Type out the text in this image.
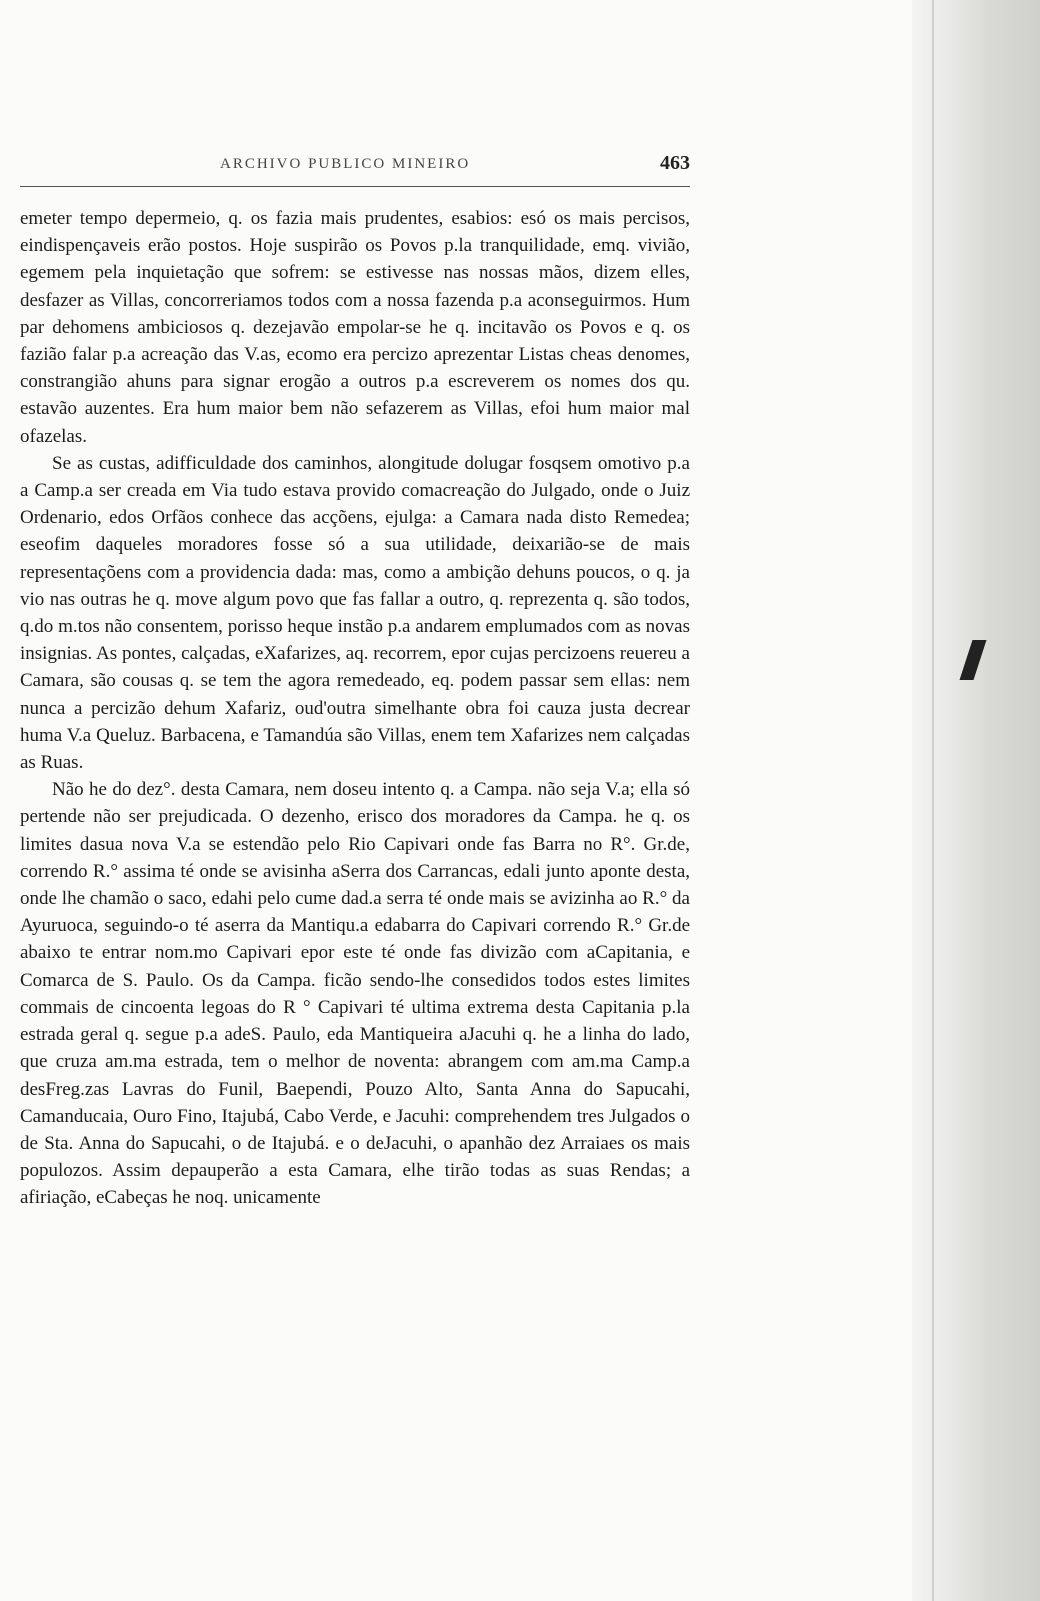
ARCHIVO PUBLICO MINEIRO	463

emeter tempo depermeio, q. os fazia mais prudentes, esabios: esó os mais percisos, eindispençaveis erão postos. Hoje suspirão os Povos p.la tranquilidade, emq. vivião, egemem pela inquietação que sofrem: se estivesse nas nossas mãos, dizem elles, desfazer as Villas, concorreriamos todos com a nossa fazenda p.a aconseguirmos. Hum par dehomens ambiciosos q. dezejavão empolar-se he q. incitavão os Povos e q. os fazião falar p.a acreação das V.as, ecomo era percizo aprezentar Listas cheas denomes, constrangião ahuns para signar erogão a outros p.a escreverem os nomes dos qu. estavão auzentes. Era hum maior bem não sefazerem as Villas, efoi hum maior mal ofazelas.

Se as custas, adifficuldade dos caminhos, alongitude dolugar fosqsem omotivo p.a a Camp.a ser creada em Via tudo estava provido comacreação do Julgado, onde o Juiz Ordenario, edos Orfãos conhece das acçõens, ejulga: a Camara nada disto Remedea; eseofim daqueles moradores fosse só a sua utilidade, deixarião-se de mais representaçõens com a providencia dada: mas, como a ambição dehuns poucos, o q. ja vio nas outras he q. move algum povo que fas fallar a outro, q. reprezenta q. são todos, q.do m.tos não consentem, porisso heque instão p.a andarem emplumados com as novas insignias. As pontes, calçadas, eXafarizes, aq. recorrem, epor cujas percizoens reuereu a Camara, são cousas q. se tem the agora remedeado, eq. podem passar sem ellas: nem nunca a percizão dehum Xafariz, oud'outra simelhante obra foi cauza justa decrear huma V.a Queluz. Barbacena, e Tamandúa são Villas, enem tem Xafarizes nem calçadas as Ruas.

Não he do dez°. desta Camara, nem doseu intento q. a Campa. não seja V.a; ella só pertende não ser prejudicada. O dezenho, erisco dos moradores da Campa. he q. os limites dasua nova V.a se estendão pelo Rio Capivari onde fas Barra no R°. Gr.de, correndo R.° assima té onde se avisinha aSerra dos Carrancas, edali junto aponte desta, onde lhe chamão o saco, edahi pelo cume dad.a serra té onde mais se avizinha ao R.° da Ayuruoca, seguindo-o té aserra da Mantiqu.a edabarra do Capivari correndo R.° Gr.de abaixo te entrar nom.mo Capivari epor este té onde fas divizão com aCapitania, e Comarca de S. Paulo. Os da Campa. ficão sendo-lhe consedidos todos estes limites commais de cincoenta legoas do R ° Capivari té ultima extrema desta Capitania p.la estrada geral q. segue p.a adeS. Paulo, eda Mantiqueira aJacuhi q. he a linha do lado, que cruza am.ma estrada, tem o melhor de noventa: abrangem com am.ma Camp.a desFreg.zas Lavras do Funil, Baependi, Pouzo Alto, Santa Anna do Sapucahi, Camanducaia, Ouro Fino, Itajubá, Cabo Verde, e Jacuhi: comprehendem tres Julgados o de Sta. Anna do Sapucahi, o de Itajubá. e o deJacuhi, o apanhão dez Arraiaes os mais populozos. Assim depauperão a esta Camara, elhe tirão todas as suas Rendas; a afiriação, eCabeças he noq. unicamente
